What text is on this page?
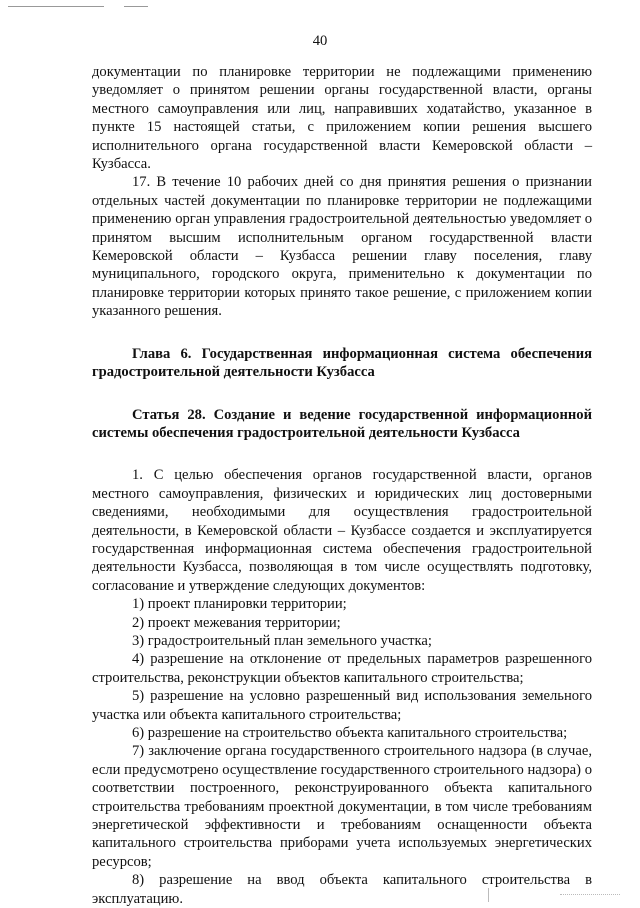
40

документации по планировке территории не подлежащими применению уведомляет о принятом решении органы государственной власти, органы местного самоуправления или лиц, направивших ходатайство, указанное в пункте 15 настоящей статьи, с приложением копии решения высшего исполнительного органа государственной власти Кемеровской области – Кузбасса.

17. В течение 10 рабочих дней со дня принятия решения о признании отдельных частей документации по планировке территории не подлежащими применению орган управления градостроительной деятельностью уведомляет о принятом высшим исполнительным органом государственной власти Кемеровской области – Кузбасса решении главу поселения, главу муниципального, городского округа, применительно к документации по планировке территории которых принято такое решение, с приложением копии указанного решения.

Глава 6. Государственная информационная система обеспечения градостроительной деятельности Кузбасса
Статья 28. Создание и ведение государственной информационной системы обеспечения градостроительной деятельности Кузбасса

1. С целью обеспечения органов государственной власти, органов местного самоуправления, физических и юридических лиц достоверными сведениями, необходимыми для осуществления градостроительной деятельности, в Кемеровской области – Кузбассе создается и эксплуатируется государственная информационная система обеспечения градостроительной деятельности Кузбасса, позволяющая в том числе осуществлять подготовку, согласование и утверждение следующих документов:

1) проект планировки территории;

2) проект межевания территории;

3) градостроительный план земельного участка;

4) разрешение на отклонение от предельных параметров разрешенного строительства, реконструкции объектов капитального строительства;

5) разрешение на условно разрешенный вид использования земельного участка или объекта капитального строительства;

6) разрешение на строительство объекта капитального строительства;

7) заключение органа государственного строительного надзора (в случае, если предусмотрено осуществление государственного строительного надзора) о соответствии построенного, реконструированного объекта капитального строительства требованиям проектной документации, в том числе требованиям энергетической эффективности и требованиям оснащенности объекта капитального строительства приборами учета используемых энергетических ресурсов;

8) разрешение на ввод объекта капитального строительства в эксплуатацию.
